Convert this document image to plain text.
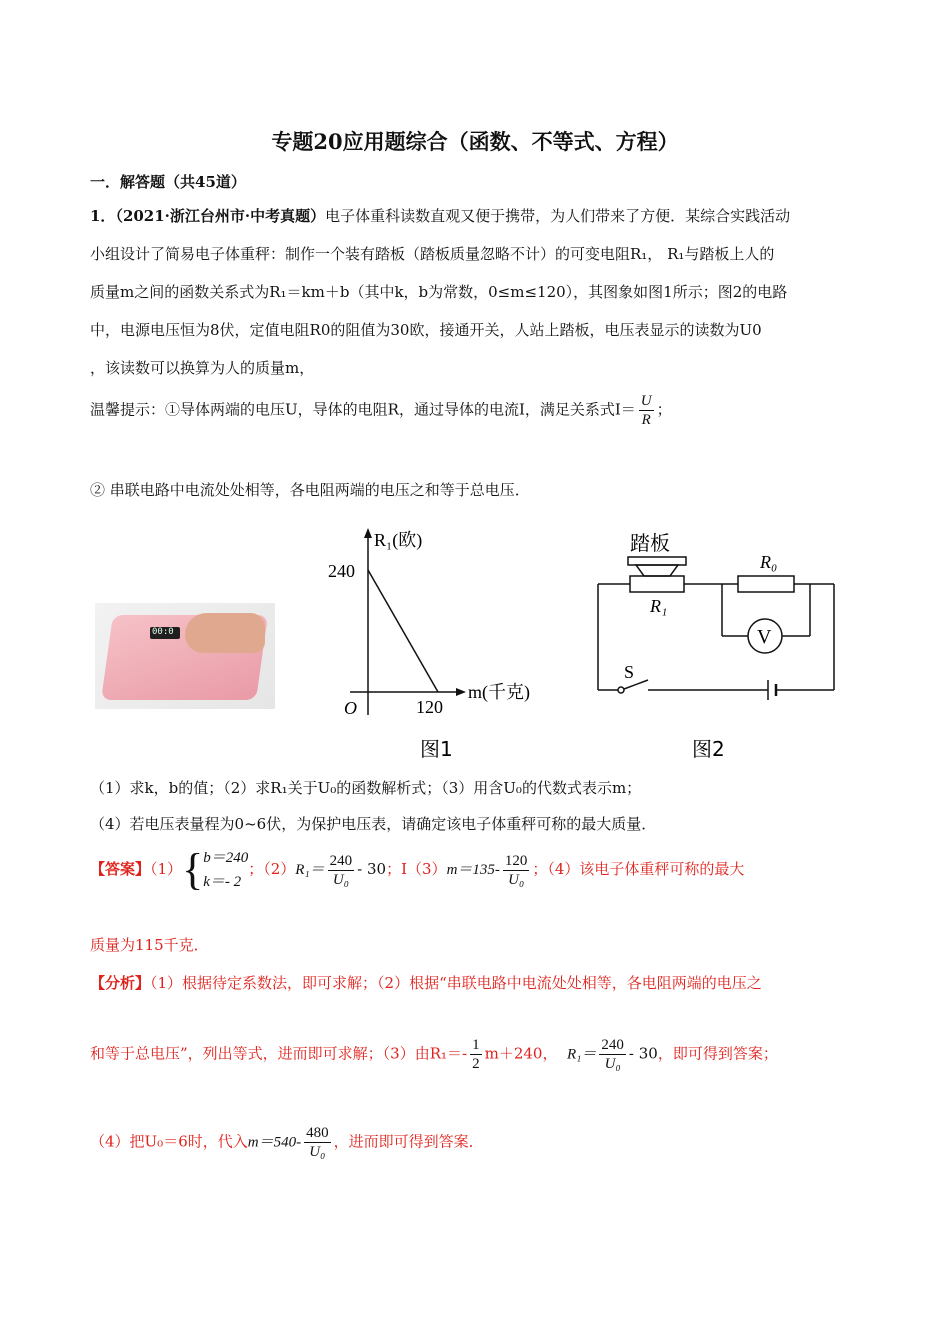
专题20应用题综合（函数、不等式、方程）
一．解答题（共45道）
1．（2021·浙江台州市·中考真题）电子体重科读数直观又便于携带，为人们带来了方便．某综合实践活动
小组设计了简易电子体重秤：制作一个装有踏板（踏板质量忽略不计）的可变电阻R₁， R₁与踏板上人的
质量m之间的函数关系式为R₁＝km＋b（其中k，b为常数，0≤m≤120），其图象如图1所示；图2的电路
中，电源电压恒为8伏，定值电阻R0的阻值为30欧，接通开关，人站上踏板，电压表显示的读数为U0
，该读数可以换算为人的质量m，
温馨提示：①导体两端的电压U，导体的电阻R，通过导体的电流I，满足关系式$I= \frac{U}{R}$ ；
② 串联电路中电流处处相等，各电阻两端的电压之和等于总电压．
00:0
R₁(欧)
m(千克)
240
120
O
图1
踏板
R₁
R₀
V
S
图2
（1）求k，b的值；（2）求R₁关于U₀的函数解析式；（3）用含U₀的代数式表示m；
（4）若电压表量程为0~6伏，为保护电压表，请确定该电子体重秤可称的最大质量．
【答案】（1）{ b＝240
k＝- 2
；$(2)R_1= \frac{240}{\text{U₀}} - 30$；$I(3)m=135- \frac{120}{\text{U₀}}$ ；（4）该电子体重秤可称的最大
质量为115千克．
【分析】（1）根据待定系数法，即可求解；（2）根据“串联电路中电流处处相等，各电阻两端的电压之
和等于总电压”，列出等式，进而即可求解；（3）由$R_1=- \frac{1}{2} m+240$， $R_1= \frac{240}{\text{U₀}} - 30$，即可得到答案；
（4）把U₀＝6时，代入$m=540- \frac{480}{\text{U₀}}$ ，进而即可得到答案．
